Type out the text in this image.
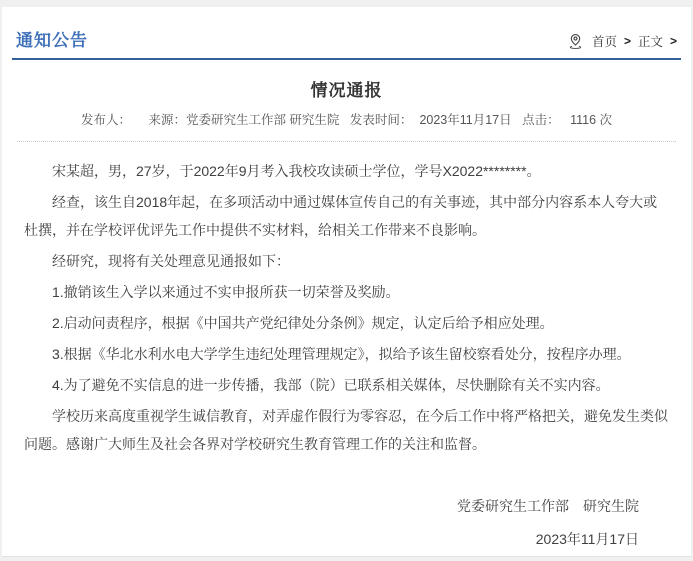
通知公告	首页 > 正文 >
情况通报
发布人： 来源：党委研究生工作部 研究生院 发表时间： 2023年11月17日 点击： 1116 次

宋某超，男，27岁，于2022年9月考入我校攻读硕士学位，学号X2022********。

经查，该生自2018年起，在多项活动中通过媒体宣传自己的有关事迹，其中部分内容系本人夸大或杜撰，并在学校评优评先工作中提供不实材料，给相关工作带来不良影响。

经研究，现将有关处理意见通报如下：

1.撤销该生入学以来通过不实申报所获一切荣誉及奖励。

2.启动问责程序，根据《中国共产党纪律处分条例》规定，认定后给予相应处理。

3.根据《华北水利水电大学学生违纪处理管理规定》，拟给予该生留校察看处分，按程序办理。

4.为了避免不实信息的进一步传播，我部（院）已联系相关媒体，尽快删除有关不实内容。

学校历来高度重视学生诚信教育，对弄虚作假行为零容忍，在今后工作中将严格把关，避免发生类似问题。感谢广大师生及社会各界对学校研究生教育管理工作的关注和监督。

党委研究生工作部　研究生院
2023年11月17日
